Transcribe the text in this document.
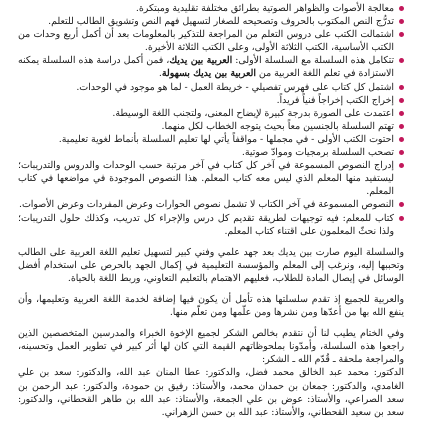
معالجة الأصوات والظواهر الصوتية بطرائق مختلفة تقليدية ومبتكرة.
تدرُّج النص المكتوب بالحروف وتصحيحه للصغار لتسهيل فهم النص وتشويق الطالب للتعلم.
اشتمالت الكتب على دروس التعلم من المراجعة للتذكير بالمعلومات بعد أن أكمل أربع وحدات من الكتب الأساسية، الكتب الثلاثة الأولى، وعلى الكتب الثلاثة الأخيرة.
تتكامل هذه السلسلة مع السلسلة الأولى: العربية بين يديك، فمن أكمل دراسة هذه السلسلة يمكنه الاستزادة في تعلم اللغة العربية من العربية بين يديك بسهولة.
اشتمل كل كتاب على فهرس تفصيلي - خريطة العمل - لما هو موجود في الوحدات.
إخراج الكتب إخراجاً فنياً فريداً.
اعتمدت على الصورة بدرجة كبيرة لإيضاح المعنى، ولتجنب اللغة الوسيطة.
تهتم السلسلة بالجنسين معاً بحيث يتوجه الخطاب لكل منهما.
احتوت الكتب الأولى - في مجملها - مواقفاً يأتي لها تعليم السلسلة بأنماط لغوية تعليمية.
تصحب السلسلة برمجيات وموادّ صوتية.
إدراج النصوص المسموعة في آخر كل كتاب في آخر مرتبة حسب الوحدات والدروس والتدريبات؛ ليستفيد منها المعلم الذي ليس معه كتاب المعلم. هذا النصوص الموجودة في مواضعها في كتاب المعلم.
النصوص المسموعة في آخر الكتاب لا تشمل نصوص الحوارات وعرض المفردات وعرض الأصوات.
كتاب للمعلم: فيه توجيهات لطريقة تقديم كل درس والإجراء كل تدريب، وكذلك حلول التدريبات؛ ولذا نحثّ المعلمون على اقتناء كتاب المعلم.

والسلسلة اليوم صارت بين يديك بعد جهد علمي وفني كبير لتسهيل تعليم اللغة العربية على الطالب وتحببها إليه، ونرغب إلى المعلم والمؤسسة التعليمية في إكمال الجهد بالحرص على استخدام أفضل الوسائل في إيصال المادة للطلاب، فعليهم الاهتمام بالتعليم التعاوني، وربط اللغة بالحياة.

والعربية للجميع إذ تقدم سلسلتها هذه تأمل أن يكون فيها إضافة لخدمة اللغة العربية وتعليمها، وأن ينفع الله بها من أعدّها ومن نشرها ومن علّمها ومن تعلّم منها.

وفي الختام يطيب لنا أن نتقدم بخالص الشكر لجميع الإخوة الخبراء والمدرسين المتخصصين الذين راجعوا هذه السلسلة، وأمدّونا بملحوظاتهم القيمة التي كان لها أثر كبير في تطوير العمل وتحسينه، والمراجعة ملحقة ـ قُدّم الله ـ الشكر:

الدكتور: محمد عبد الخالق محمد فضل، والدكتور: عطا المنان عبد الله، والدكتور: سعد بن علي الغامدي، والدكتور: جمعان بن حمدان محمد، والأستاذ: رفيق بن حمودة، والدكتور: عبد الرحمن بن سعد الصراعي، والأستاذ: عوض بن علي الجمعة، والأستاذ: عبد الله بن طاهر القحطاني، والدكتور: سعد بن سعيد القحطاني، والأستاذ: عبد الله بن حسن الزهراني.
